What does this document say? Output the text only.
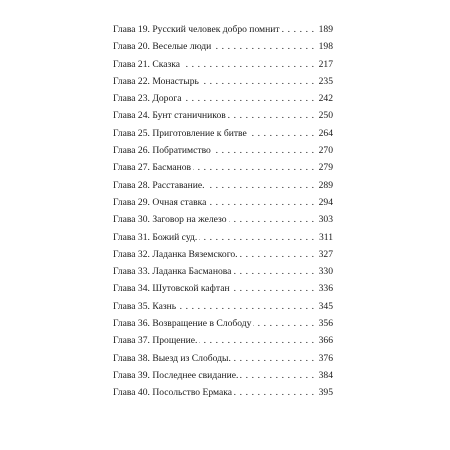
Глава 19. Русский человек добро помнит . . .	189
Глава 20. Веселые люди . . .	198
Глава 21. Сказка . . .	217
Глава 22. Монастырь . . .	235
Глава 23. Дорога . . .	242
Глава 24. Бунт станичников . . .	250
Глава 25. Приготовление к битве . . .	264
Глава 26. Побратимство . . .	270
Глава 27. Басманов . . .	279
Глава 28. Расставание. . . .	289
Глава 29. Очная ставка . . .	294
Глава 30. Заговор на железо . . .	303
Глава 31. Божий суд. . . .	311
Глава 32. Ладанка Вяземского. . . .	327
Глава 33. Ладанка Басманова . . .	330
Глава 34. Шутовской кафтан . . .	336
Глава 35. Казнь . . .	345
Глава 36. Возвращение в Слободу . . .	356
Глава 37. Прощение. . . .	366
Глава 38. Выезд из Слободы. . . .	376
Глава 39. Последнее свидание. . . .	384
Глава 40. Посольство Ермака . . .	395
